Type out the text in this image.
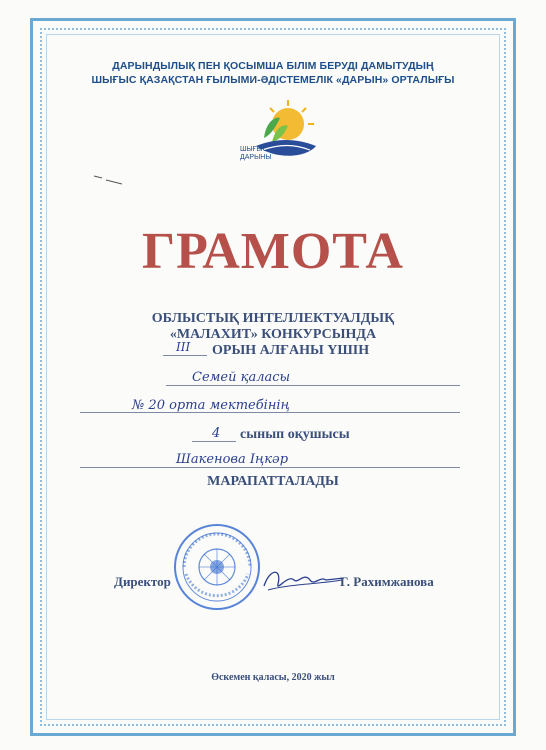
ДАРЫНДЫЛЫҚ ПЕН ҚОСЫМША БІЛІМ БЕРУДІ ДАМЫТУДЫҢ
ШЫҒЫС ҚАЗАҚСТАН ҒЫЛЫМИ-ӘДІСТЕМЕЛІК «ДАРЫН» ОРТАЛЫҒЫ
ШЫҒЫС
ДАРЫНЫ
ГРАМОТА
ОБЛЫСТЫҚ ИНТЕЛЛЕКТУАЛДЫҚ
«МАЛАХИТ» КОНКУРСЫНДА
III ОРЫН АЛҒАНЫ ҮШІН
Семей қаласы
№ 20 орта мектебінің
4 сынып оқушысы
Шакенова Іңкәр
МАРАПАТТАЛАДЫ
Директор	Г. Рахимжанова
Өскемен қаласы, 2020 жыл
